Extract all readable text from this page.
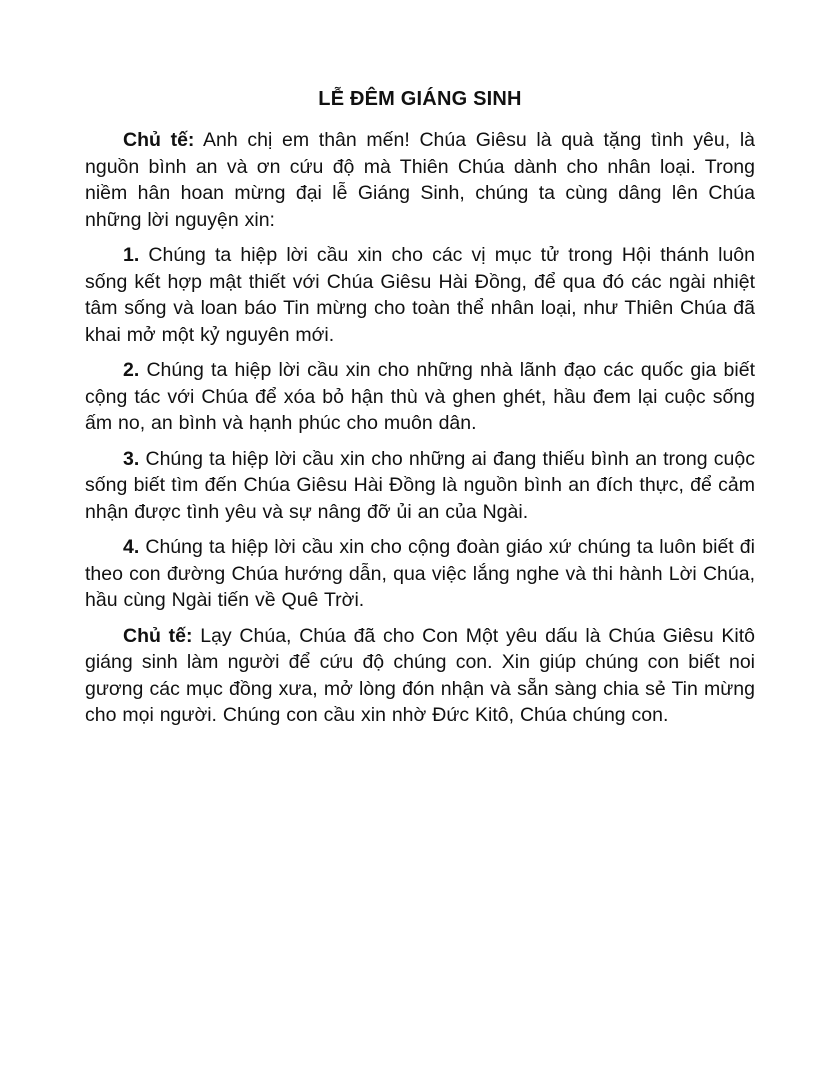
LỄ ĐÊM GIÁNG SINH

Chủ tế: Anh chị em thân mến! Chúa Giêsu là quà tặng tình yêu, là nguồn bình an và ơn cứu độ mà Thiên Chúa dành cho nhân loại. Trong niềm hân hoan mừng đại lễ Giáng Sinh, chúng ta cùng dâng lên Chúa những lời nguyện xin:

1. Chúng ta hiệp lời cầu xin cho các vị mục tử trong Hội thánh luôn sống kết hợp mật thiết với Chúa Giêsu Hài Đồng, để qua đó các ngài nhiệt tâm sống và loan báo Tin mừng cho toàn thể nhân loại, như Thiên Chúa đã khai mở một kỷ nguyên mới.

2. Chúng ta hiệp lời cầu xin cho những nhà lãnh đạo các quốc gia biết cộng tác với Chúa để xóa bỏ hận thù và ghen ghét, hầu đem lại cuộc sống ấm no, an bình và hạnh phúc cho muôn dân.

3. Chúng ta hiệp lời cầu xin cho những ai đang thiếu bình an trong cuộc sống biết tìm đến Chúa Giêsu Hài Đồng là nguồn bình an đích thực, để cảm nhận được tình yêu và sự nâng đỡ ủi an của Ngài.

4. Chúng ta hiệp lời cầu xin cho cộng đoàn giáo xứ chúng ta luôn biết đi theo con đường Chúa hướng dẫn, qua việc lắng nghe và thi hành Lời Chúa, hầu cùng Ngài tiến về Quê Trời.

Chủ tế: Lạy Chúa, Chúa đã cho Con Một yêu dấu là Chúa Giêsu Kitô giáng sinh làm người để cứu độ chúng con. Xin giúp chúng con biết noi gương các mục đồng xưa, mở lòng đón nhận và sẵn sàng chia sẻ Tin mừng cho mọi người. Chúng con cầu xin nhờ Đức Kitô, Chúa chúng con.
